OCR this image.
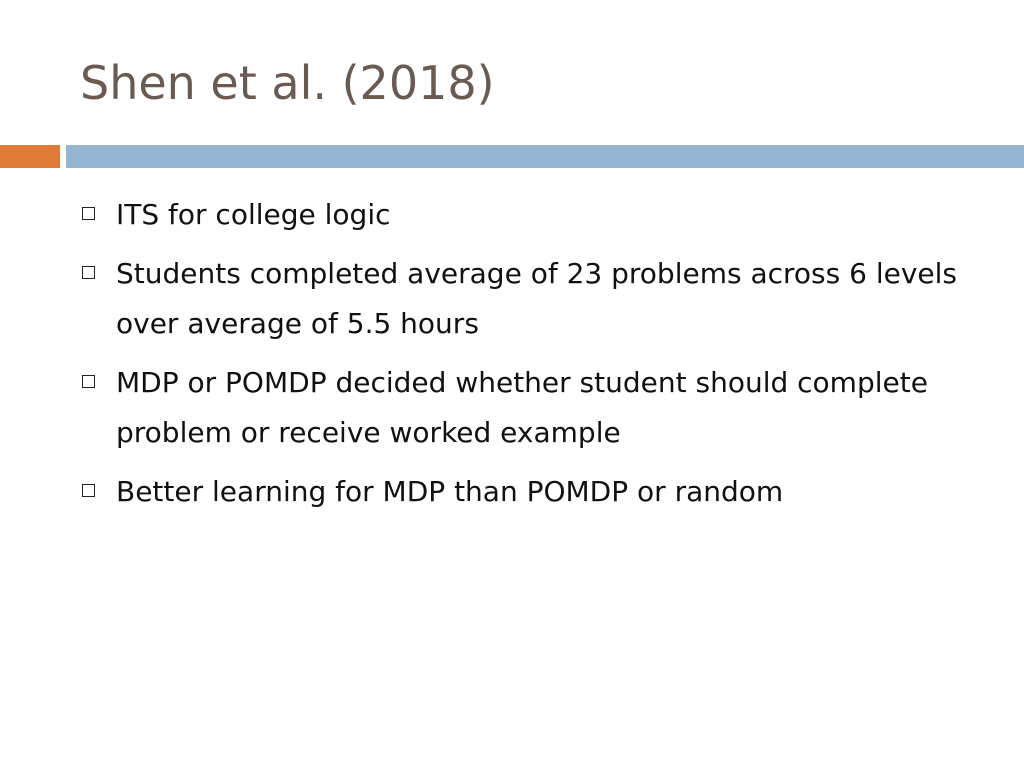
Shen et al. (2018)
ITS for college logic
Students completed average of 23 problems across 6 levels over average of 5.5 hours
MDP or POMDP decided whether student should complete problem or receive worked example
Better learning for MDP than POMDP or random
